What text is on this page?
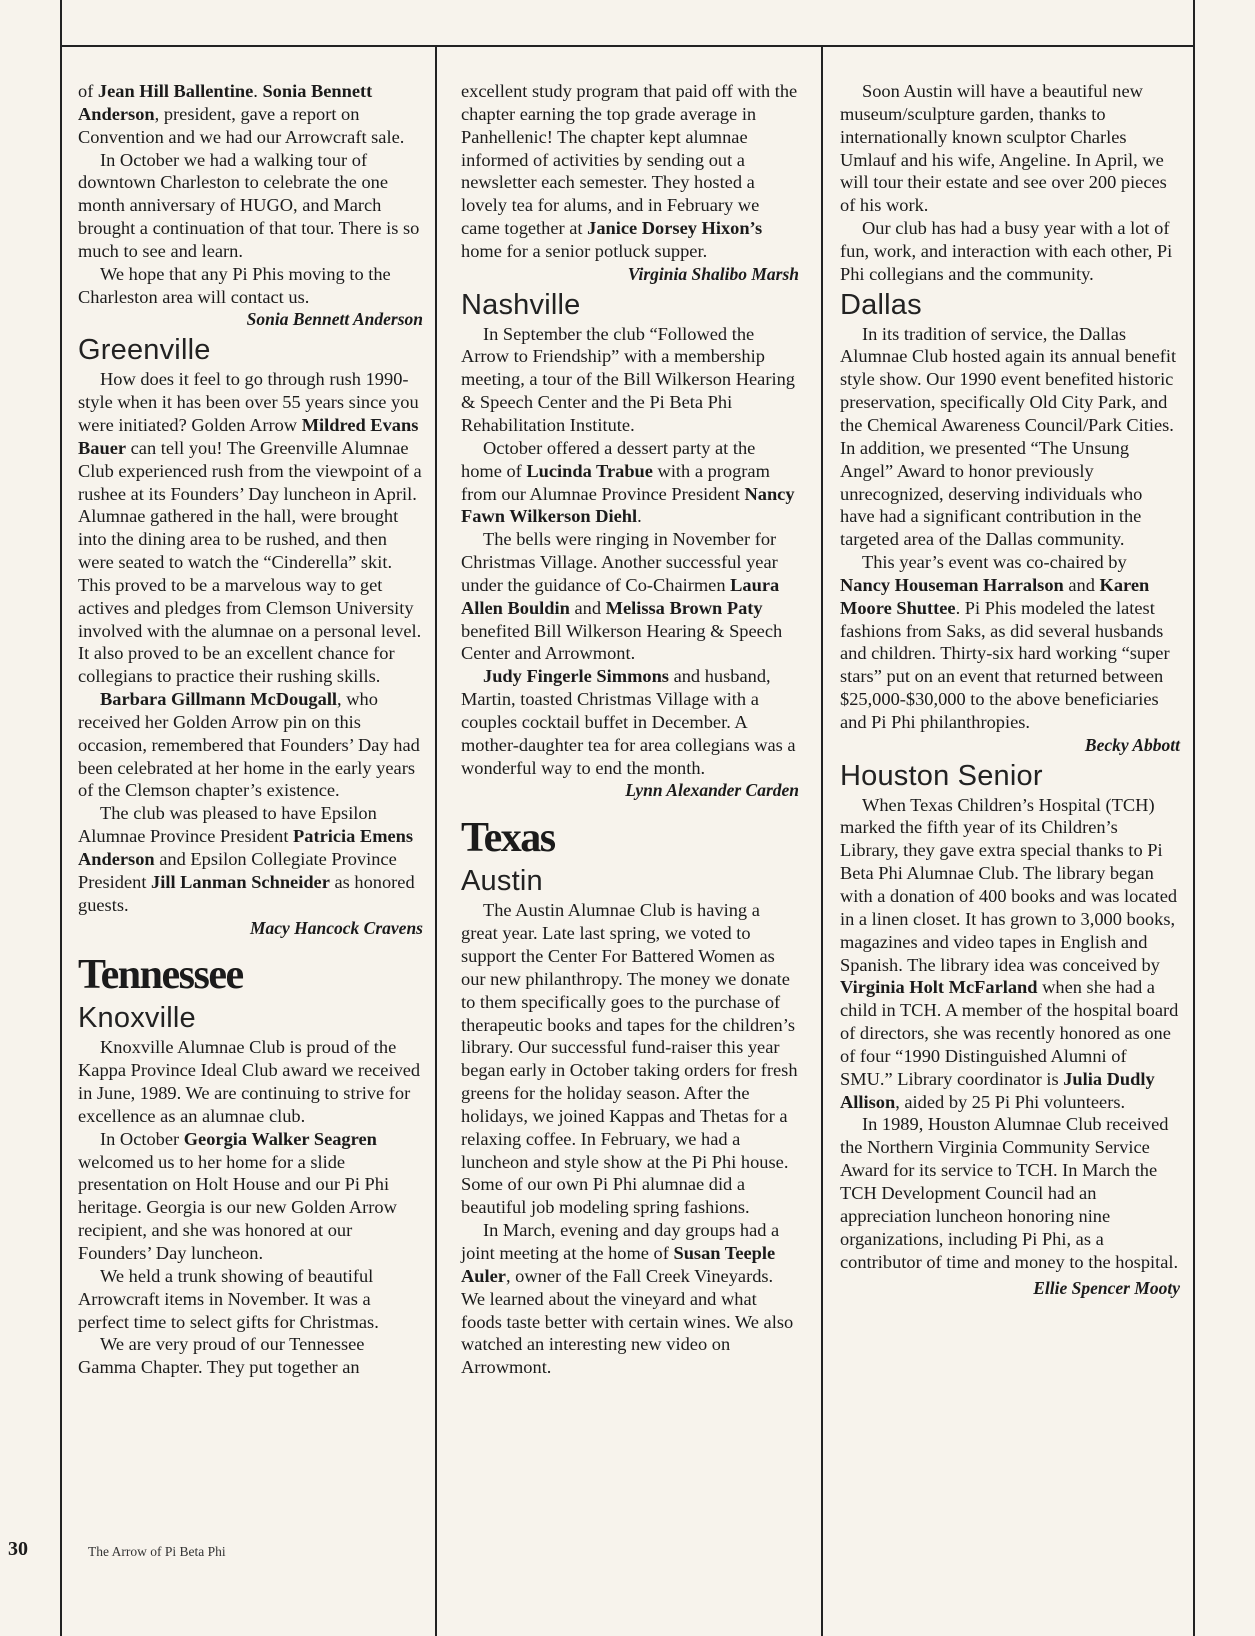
of Jean Hill Ballentine. Sonia Bennett Anderson, president, gave a report on Convention and we had our Arrowcraft sale.

In October we had a walking tour of downtown Charleston to celebrate the one month anniversary of HUGO, and March brought a continuation of that tour. There is so much to see and learn.

We hope that any Pi Phis moving to the Charleston area will contact us.

Sonia Bennett Anderson

Greenville

How does it feel to go through rush 1990-style when it has been over 55 years since you were initiated? Golden Arrow Mildred Evans Bauer can tell you! The Greenville Alumnae Club experienced rush from the viewpoint of a rushee at its Founders’ Day luncheon in April. Alumnae gathered in the hall, were brought into the dining area to be rushed, and then were seated to watch the “Cinderella” skit. This proved to be a marvelous way to get actives and pledges from Clemson University involved with the alumnae on a personal level. It also proved to be an excellent chance for collegians to practice their rushing skills.

Barbara Gillmann McDougall, who received her Golden Arrow pin on this occasion, remembered that Founders’ Day had been celebrated at her home in the early years of the Clemson chapter’s existence.

The club was pleased to have Epsilon Alumnae Province President Patricia Emens Anderson and Epsilon Collegiate Province President Jill Lanman Schneider as honored guests.

Macy Hancock Cravens

Tennessee
Knoxville

Knoxville Alumnae Club is proud of the Kappa Province Ideal Club award we received in June, 1989. We are continuing to strive for excellence as an alumnae club.

In October Georgia Walker Seagren welcomed us to her home for a slide presentation on Holt House and our Pi Phi heritage. Georgia is our new Golden Arrow recipient, and she was honored at our Founders’ Day luncheon.

We held a trunk showing of beautiful Arrowcraft items in November. It was a perfect time to select gifts for Christmas.

We are very proud of our Tennessee Gamma Chapter. They put together an

excellent study program that paid off with the chapter earning the top grade average in Panhellenic! The chapter kept alumnae informed of activities by sending out a newsletter each semester. They hosted a lovely tea for alums, and in February we came together at Janice Dorsey Hixon’s home for a senior potluck supper.

Virginia Shalibo Marsh

Nashville

In September the club “Followed the Arrow to Friendship” with a membership meeting, a tour of the Bill Wilkerson Hearing & Speech Center and the Pi Beta Phi Rehabilitation Institute.

October offered a dessert party at the home of Lucinda Trabue with a program from our Alumnae Province President Nancy Fawn Wilkerson Diehl.

The bells were ringing in November for Christmas Village. Another successful year under the guidance of Co-Chairmen Laura Allen Bouldin and Melissa Brown Paty benefited Bill Wilkerson Hearing & Speech Center and Arrowmont.

Judy Fingerle Simmons and husband, Martin, toasted Christmas Village with a couples cocktail buffet in December. A mother-daughter tea for area collegians was a wonderful way to end the month.

Lynn Alexander Carden

Texas
Austin

The Austin Alumnae Club is having a great year. Late last spring, we voted to support the Center For Battered Women as our new philanthropy. The money we donate to them specifically goes to the purchase of therapeutic books and tapes for the children’s library. Our successful fund-raiser this year began early in October taking orders for fresh greens for the holiday season. After the holidays, we joined Kappas and Thetas for a relaxing coffee. In February, we had a luncheon and style show at the Pi Phi house. Some of our own Pi Phi alumnae did a beautiful job modeling spring fashions.

In March, evening and day groups had a joint meeting at the home of Susan Teeple Auler, owner of the Fall Creek Vineyards. We learned about the vineyard and what foods taste better with certain wines. We also watched an interesting new video on Arrowmont.

Soon Austin will have a beautiful new museum/sculpture garden, thanks to internationally known sculptor Charles Umlauf and his wife, Angeline. In April, we will tour their estate and see over 200 pieces of his work.

Our club has had a busy year with a lot of fun, work, and interaction with each other, Pi Phi collegians and the community.

Dallas

In its tradition of service, the Dallas Alumnae Club hosted again its annual benefit style show. Our 1990 event benefited historic preservation, specifically Old City Park, and the Chemical Awareness Council/Park Cities. In addition, we presented “The Unsung Angel” Award to honor previously unrecognized, deserving individuals who have had a significant contribution in the targeted area of the Dallas community.

This year’s event was co-chaired by Nancy Houseman Harralson and Karen Moore Shuttee. Pi Phis modeled the latest fashions from Saks, as did several husbands and children. Thirty-six hard working “super stars” put on an event that returned between $25,000-$30,000 to the above beneficiaries and Pi Phi philanthropies.

Becky Abbott

Houston Senior

When Texas Children’s Hospital (TCH) marked the fifth year of its Children’s Library, they gave extra special thanks to Pi Beta Phi Alumnae Club. The library began with a donation of 400 books and was located in a linen closet. It has grown to 3,000 books, magazines and video tapes in English and Spanish. The library idea was conceived by Virginia Holt McFarland when she had a child in TCH. A member of the hospital board of directors, she was recently honored as one of four “1990 Distinguished Alumni of SMU.” Library coordinator is Julia Dudly Allison, aided by 25 Pi Phi volunteers.

In 1989, Houston Alumnae Club received the Northern Virginia Community Service Award for its service to TCH. In March the TCH Development Council had an appreciation luncheon honoring nine organizations, including Pi Phi, as a contributor of time and money to the hospital.

Ellie Spencer Mooty

30	The Arrow of Pi Beta Phi
